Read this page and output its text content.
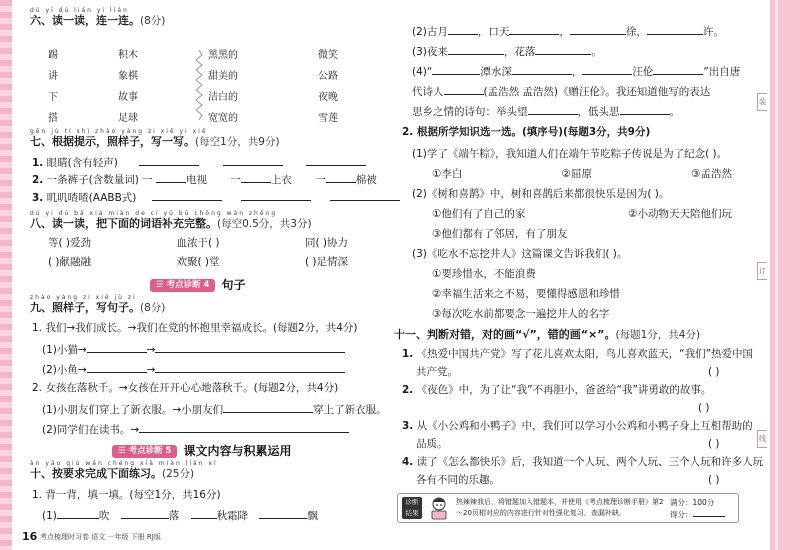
装
订
线
dú yì dú lián yi lián
六、读一读，连一连。(8分)
踢	积木	黑黑的	微笑
讲	象棋	甜美的	公路
下	故事	洁白的	夜晚
搭	足球	宽宽的	雪莲
gēn jù tí shì zhào yàng zi xiě yi xiě
七、根据提示，照样子，写一写。(每空1分，共9分)
1. 眼睛(含有轻声)
2. 一条裤子(含数量词) 一	电视 一	上衣 一	棉被
3. 叽叽喳喳(AABB式)
dú yi dú bǎ xià miàn de cí yǔ bǔ chōng wán zhěng
八、读一读，把下面的词语补充完整。(每空0.5分，共3分)
等( )爱劲	血浓于( )	同( )协力
( )献融融	欢聚( )堂	( )足情深
☰ 考点诊断 4	句子
zhào yàng zi xiě jù zi
九、照样子，写句子。(8分)
1. 我们→我们成长。→我们在党的怀抱里幸福成长。(每题2分，共4分)
(1)小猫→	→
(2)小鱼→	→
2. 女孩在落秋千。→女孩在开开心心地落秋千。(每题2分，共4分)
(1)小朋友们穿上了新衣服。→小朋友们	穿上了新衣服。
(2)同学们在读书。→
☰ 考点诊断 5	课文内容与积累运用
àn yāo qiú wán chéng xià miàn lián xí
十、按要求完成下面练习。(25分)
1. 背一背，填一填。(每空1分，共16分)
(1)	吹	落	秋霜降	飘
(2)古月	，口天	，	徐，	许。
(3)夜来	，花落	。
(4)“	潭水深	，	汪伦	”出自唐
代诗人	(孟浩然 孟浩然)《赠汪伦》。我还知道他写的表达
思乡之情的诗句：举头望	，低头思	。
2. 根据所学知识选一选。(填序号)(每题3分，共9分)
(1)学了《端午粽》，我知道人们在端午节吃粽子传说是为了纪念( )。
①李白	②屈原	③孟浩然
(2)《树和喜鹊》中，树和喜鹊后来都很快乐是因为( )。
①他们有了自己的家	②小动物天天陪他们玩
③他们都有了邻居，有了朋友
(3)《吃水不忘挖井人》这篇课文告诉我们( )。
①要珍惜水，不能浪费
②幸福生活来之不易，要懂得感恩和珍惜
③每次吃水前都要念一遍挖井人的名字
十一、判断对错，对的画“√”，错的画“×”。(每题1分，共4分)
1. 《热爱中国共产党》写了花儿喜欢太阳，鸟儿喜欢蓝天，“我们”热爱中国
共产党。	( )
2. 《夜色》中，为了让“我”不再胆小，爸爸给“我”讲勇敢的故事。
( )
3. 从《小公鸡和小鸭子》中，我们可以学习小公鸡和小鸭子身上互相帮助的
品质。	( )
4. 读了《怎么都快乐》后，我知道一个人玩、两个人玩、三个人玩和许多人玩
各有不同的乐趣。	( )
诊断
结果
热辣辣我后，将错题加入错题本，并使用《考点梳理诊断手册》第2～20页相对应的内容进行针对性强化复习，查漏补缺。
满分：100分
得分：
16 考点梳理时习卷 语文 一年级 下册 RJ版
